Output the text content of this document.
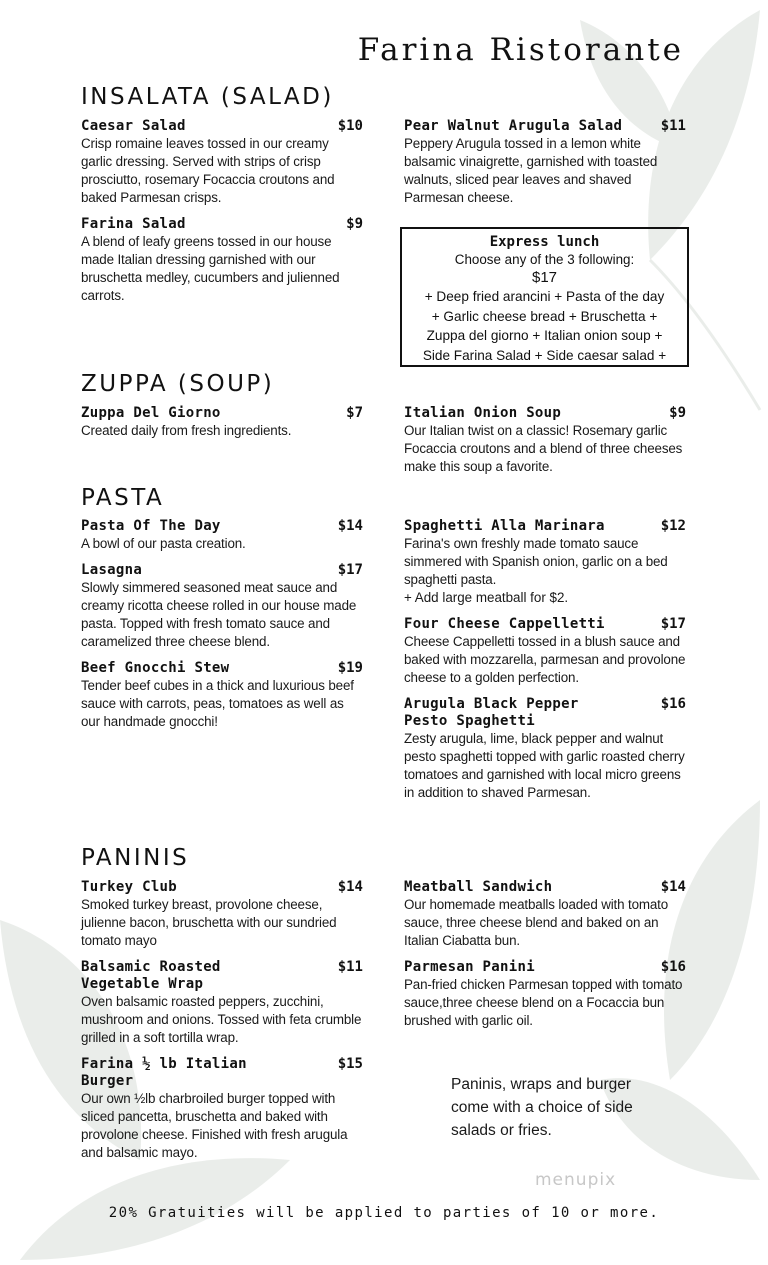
Farina Ristorante
INSALATA (SALAD)
Caesar Salad	$10
Crisp romaine leaves tossed in our creamy garlic dressing. Served with strips of crisp prosciutto, rosemary Focaccia croutons and baked Parmesan crisps.
Farina Salad	$9
A blend of leafy greens tossed in our house made Italian dressing garnished with our bruschetta medley, cucumbers and julienned carrots.
Pear Walnut Arugula Salad	$11
Peppery Arugula tossed in a lemon white balsamic vinaigrette, garnished with toasted walnuts, sliced pear leaves and shaved Parmesan cheese.
Express lunch
Choose any of the 3 following:
$17
+ Deep fried arancini + Pasta of the day
+ Garlic cheese bread + Bruschetta +
Zuppa del giorno + Italian onion soup +
Side Farina Salad + Side caesar salad +
ZUPPA (SOUP)
Zuppa Del Giorno	$7
Created daily from fresh ingredients.
Italian Onion Soup	$9
Our Italian twist on a classic! Rosemary garlic Focaccia croutons and a blend of three cheeses make this soup a favorite.
PASTA
Pasta Of The Day	$14
A bowl of our pasta creation.
Lasagna	$17
Slowly simmered seasoned meat sauce and creamy ricotta cheese rolled in our house made pasta. Topped with fresh tomato sauce and caramelized three cheese blend.
Beef Gnocchi Stew	$19
Tender beef cubes in a thick and luxurious beef sauce with carrots, peas, tomatoes as well as our handmade gnocchi!
Spaghetti Alla Marinara	$12
Farina's own freshly made tomato sauce simmered with Spanish onion, garlic on a bed spaghetti pasta.
+ Add large meatball for $2.
Four Cheese Cappelletti	$17
Cheese Cappelletti tossed in a blush sauce and baked with mozzarella, parmesan and provolone cheese to a golden perfection.
Arugula Black Pepper Pesto Spaghetti
$16
Zesty arugula, lime, black pepper and walnut pesto spaghetti topped with garlic roasted cherry tomatoes and garnished with local micro greens in addition to shaved Parmesan.
PANINIS
Turkey Club	$14
Smoked turkey breast, provolone cheese, julienne bacon, bruschetta with our sundried tomato mayo
Balsamic Roasted Vegetable Wrap
$11
Oven balsamic roasted peppers, zucchini, mushroom and onions. Tossed with feta crumble grilled in a soft tortilla wrap.
Farina ½ lb Italian Burger
$15
Our own ½lb charbroiled burger topped with sliced pancetta, bruschetta and baked with provolone cheese. Finished with fresh arugula and balsamic mayo.
Meatball Sandwich	$14
Our homemade meatballs loaded with tomato sauce, three cheese blend and baked on an Italian Ciabatta bun.
Parmesan Panini	$16
Pan-fried chicken Parmesan topped with tomato sauce,three cheese blend on a Focaccia bun brushed with garlic oil.
Paninis, wraps and burger come with a choice of side salads or fries.
menupix
20% Gratuities will be applied to parties of 10 or more.
